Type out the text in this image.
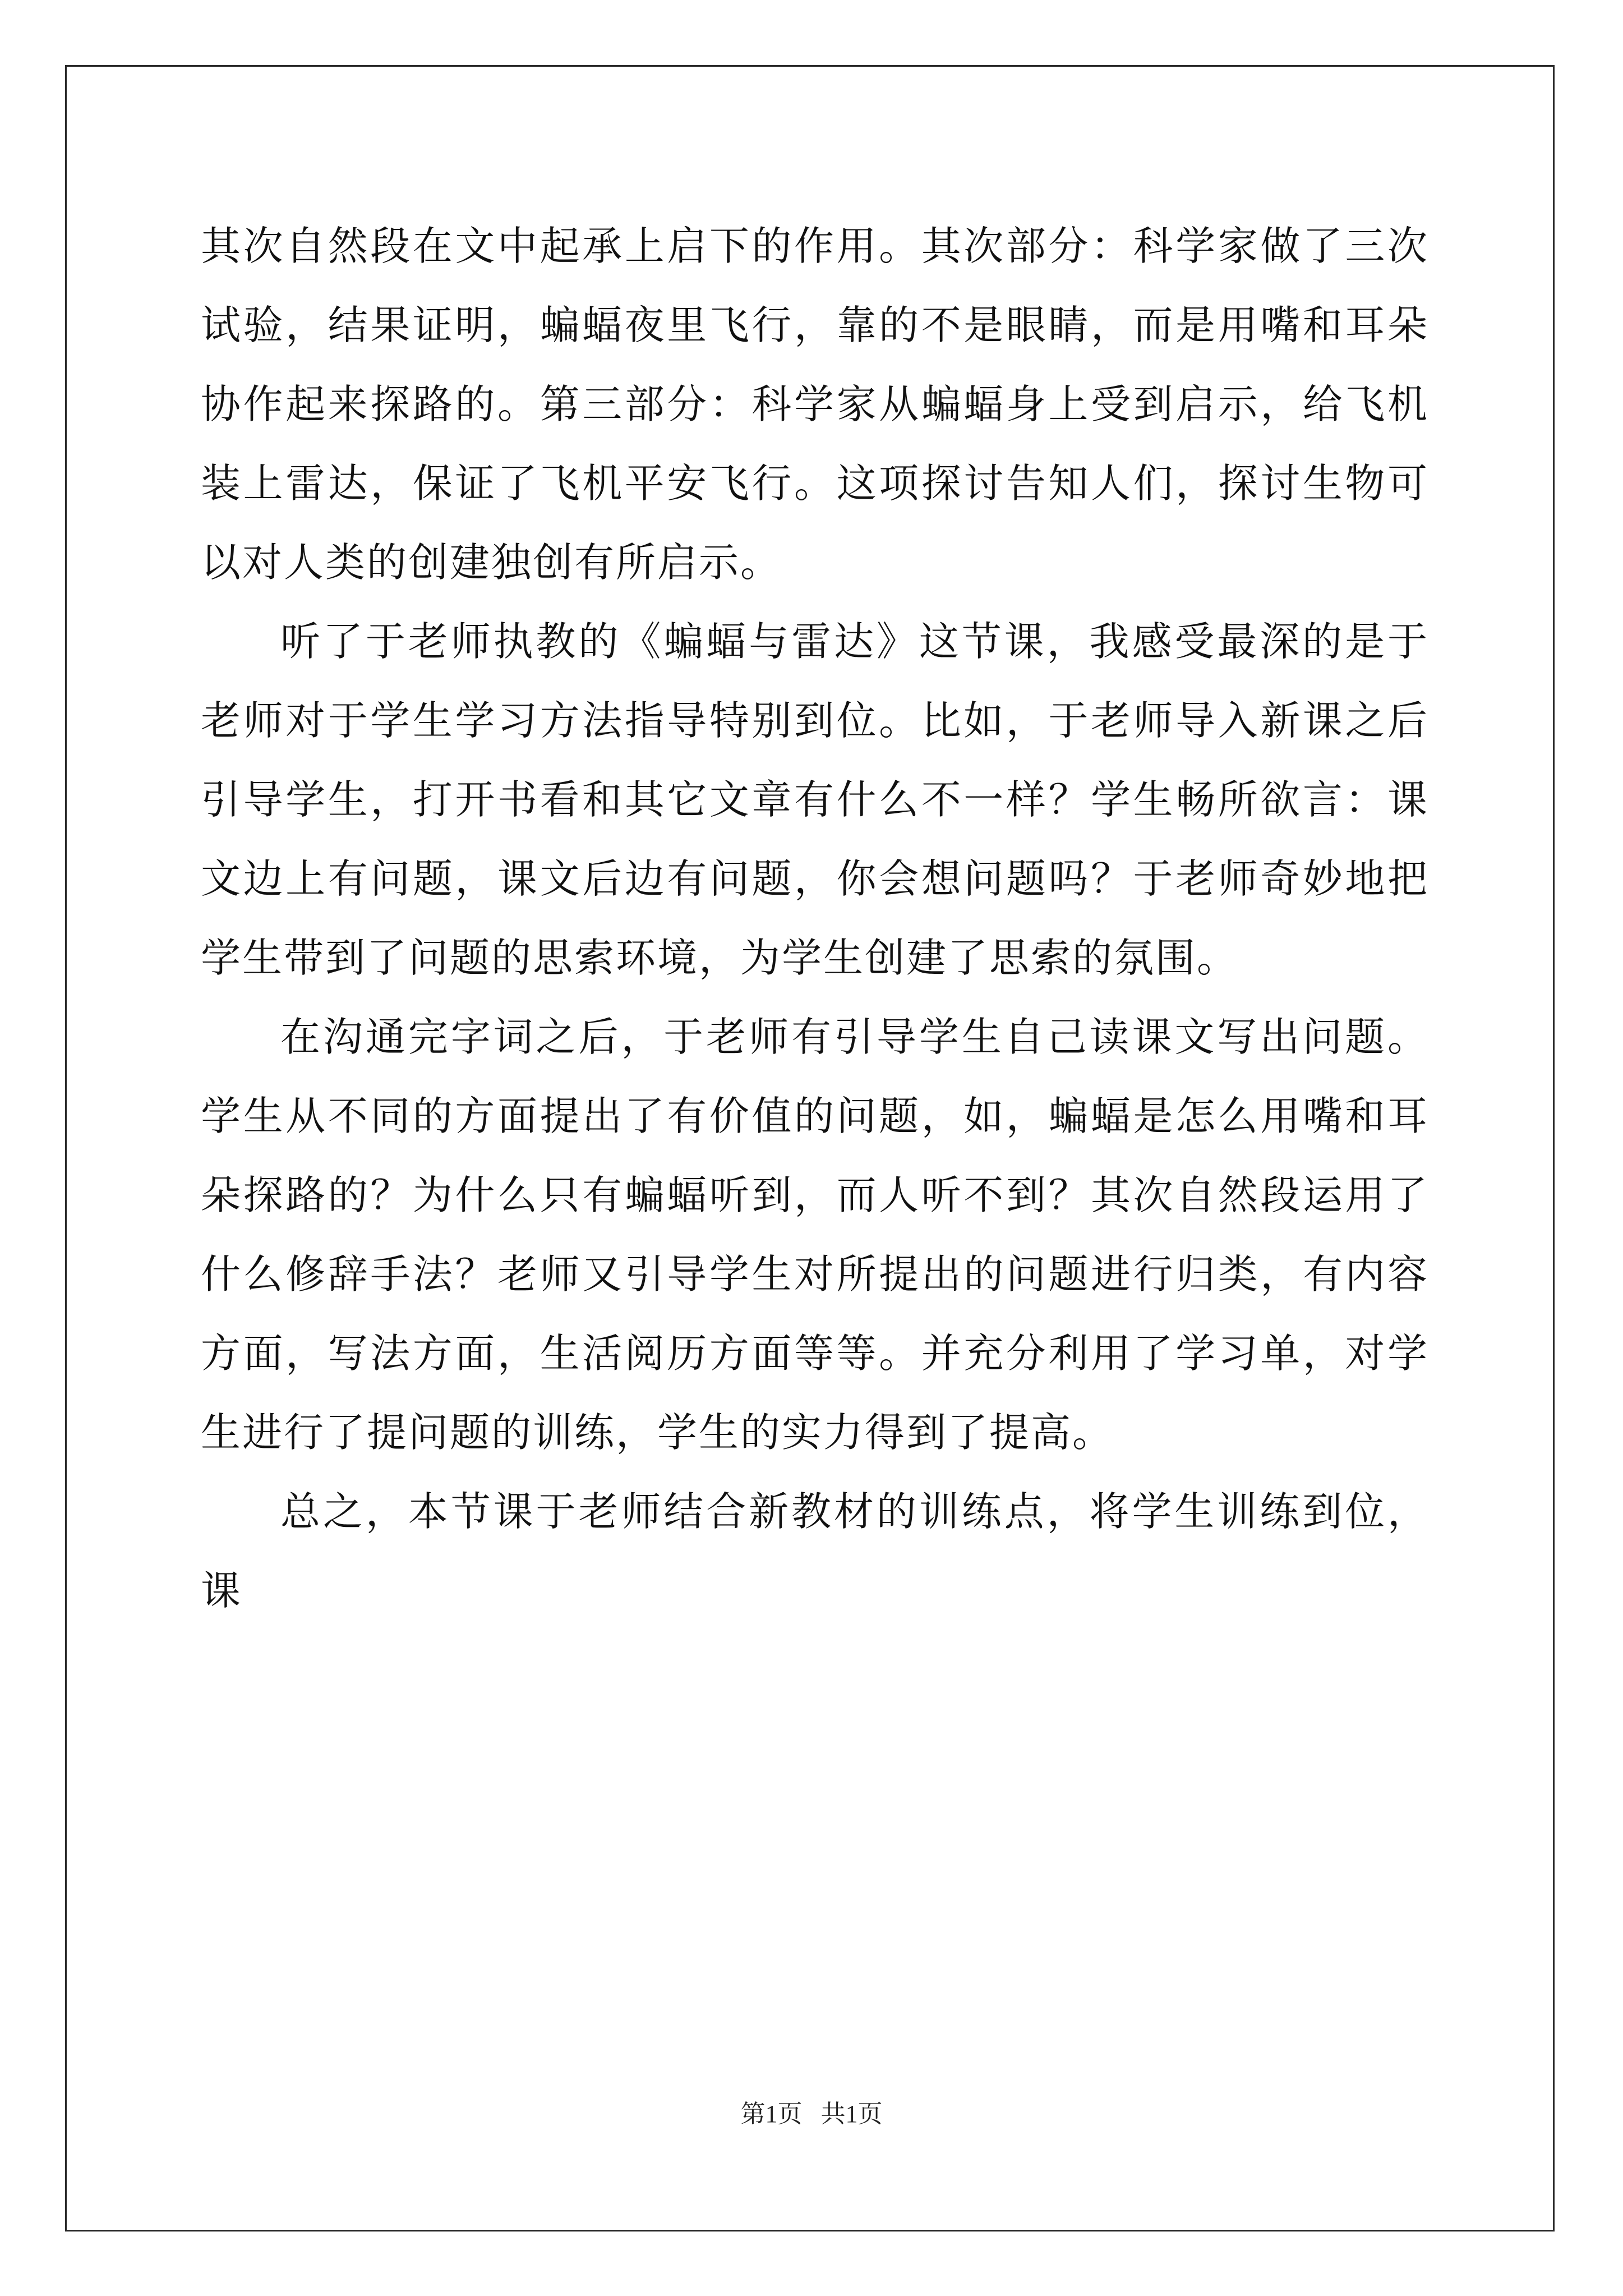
其次自然段在文中起承上启下的作用。其次部分：科学家做了三次试验，结果证明，蝙蝠夜里飞行，靠的不是眼睛，而是用嘴和耳朵协作起来探路的。第三部分：科学家从蝙蝠身上受到启示，给飞机装上雷达，保证了飞机平安飞行。这项探讨告知人们，探讨生物可以对人类的创建独创有所启示。

听了于老师执教的《蝙蝠与雷达》这节课，我感受最深的是于老师对于学生学习方法指导特别到位。比如，于老师导入新课之后引导学生，打开书看和其它文章有什么不一样？学生畅所欲言：课文边上有问题，课文后边有问题，你会想问题吗？于老师奇妙地把学生带到了问题的思索环境，为学生创建了思索的氛围。

在沟通完字词之后，于老师有引导学生自己读课文写出问题。学生从不同的方面提出了有价值的问题，如，蝙蝠是怎么用嘴和耳朵探路的？为什么只有蝙蝠听到，而人听不到？其次自然段运用了什么修辞手法？老师又引导学生对所提出的问题进行归类，有内容方面，写法方面，生活阅历方面等等。并充分利用了学习单，对学生进行了提问题的训练，学生的实力得到了提高。

总之，本节课于老师结合新教材的训练点，将学生训练到位，课

第1页   共1页
